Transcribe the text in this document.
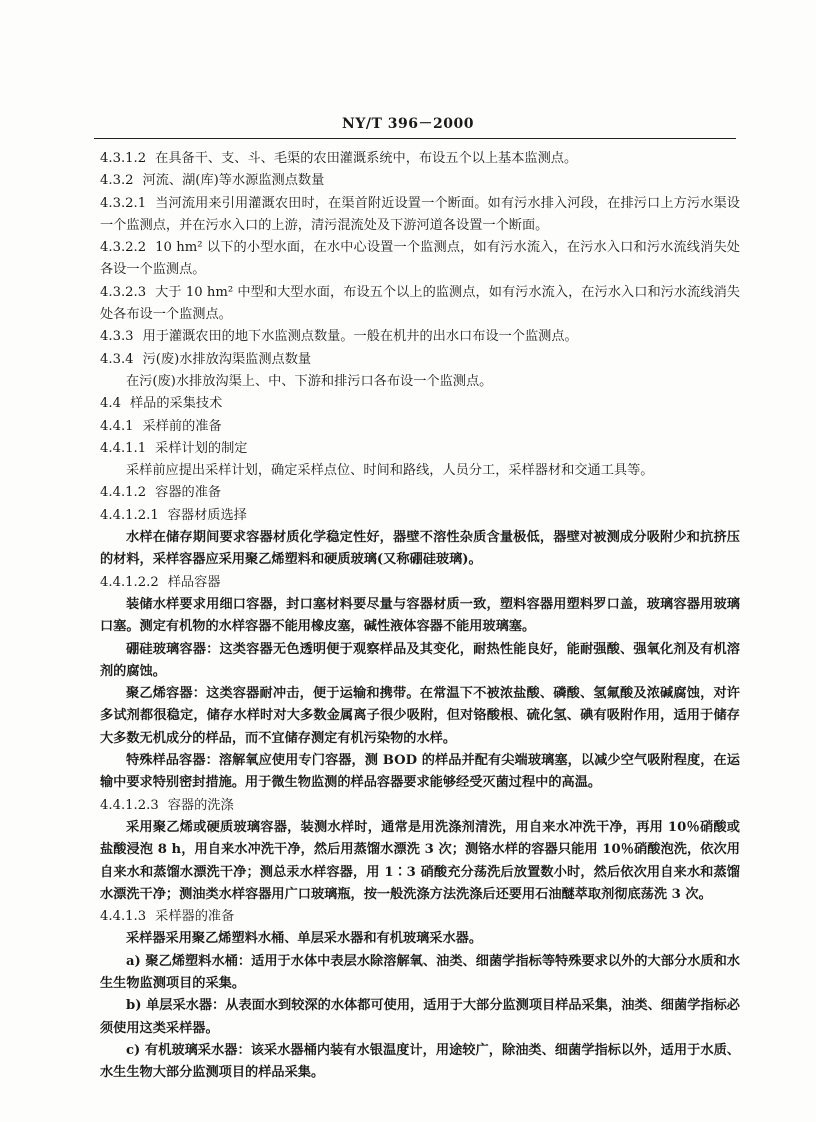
NY/T 396－2000

4.3.1.2 在具备干、支、斗、毛渠的农田灌溉系统中，布设五个以上基本监测点。

4.3.2 河流、湖(库)等水源监测点数量

4.3.2.1 当河流用来引用灌溉农田时，在渠首附近设置一个断面。如有污水排入河段，在排污口上方污水渠设一个监测点，并在污水入口的上游，清污混流处及下游河道各设置一个断面。

4.3.2.2 10 hm² 以下的小型水面，在水中心设置一个监测点，如有污水流入，在污水入口和污水流线消失处各设一个监测点。

4.3.2.3 大于 10 hm² 中型和大型水面，布设五个以上的监测点，如有污水流入，在污水入口和污水流线消失处各布设一个监测点。

4.3.3 用于灌溉农田的地下水监测点数量。一般在机井的出水口布设一个监测点。

4.3.4 污(废)水排放沟渠监测点数量

在污(废)水排放沟渠上、中、下游和排污口各布设一个监测点。

4.4 样品的采集技术

4.4.1 采样前的准备

4.4.1.1 采样计划的制定

采样前应提出采样计划，确定采样点位、时间和路线，人员分工，采样器材和交通工具等。

4.4.1.2 容器的准备

4.4.1.2.1 容器材质选择

水样在储存期间要求容器材质化学稳定性好，器壁不溶性杂质含量极低，器壁对被测成分吸附少和抗挤压的材料，采样容器应采用聚乙烯塑料和硬质玻璃(又称硼硅玻璃)。

4.4.1.2.2 样品容器

装储水样要求用细口容器，封口塞材料要尽量与容器材质一致，塑料容器用塑料罗口盖，玻璃容器用玻璃口塞。测定有机物的水样容器不能用橡皮塞，碱性液体容器不能用玻璃塞。

硼硅玻璃容器：这类容器无色透明便于观察样品及其变化，耐热性能良好，能耐强酸、强氧化剂及有机溶剂的腐蚀。

聚乙烯容器：这类容器耐冲击，便于运输和携带。在常温下不被浓盐酸、磷酸、氢氟酸及浓碱腐蚀，对许多试剂都很稳定，储存水样时对大多数金属离子很少吸附，但对铬酸根、硫化氢、碘有吸附作用，适用于储存大多数无机成分的样品，而不宜储存测定有机污染物的水样。

特殊样品容器：溶解氧应使用专门容器，测 BOD 的样品并配有尖端玻璃塞，以减少空气吸附程度，在运输中要求特别密封措施。用于微生物监测的样品容器要求能够经受灭菌过程中的高温。

4.4.1.2.3 容器的洗涤

采用聚乙烯或硬质玻璃容器，装测水样时，通常是用洗涤剂清洗，用自来水冲洗干净，再用 10％硝酸或盐酸浸泡 8 h，用自来水冲洗干净，然后用蒸馏水漂洗 3 次；测铬水样的容器只能用 10％硝酸泡洗，依次用自来水和蒸馏水漂洗干净；测总汞水样容器，用 1∶3 硝酸充分荡洗后放置数小时，然后依次用自来水和蒸馏水漂洗干净；测油类水样容器用广口玻璃瓶，按一般洗涤方法洗涤后还要用石油醚萃取剂彻底荡洗 3 次。

4.4.1.3 采样器的准备

采样器采用聚乙烯塑料水桶、单层采水器和有机玻璃采水器。

a) 聚乙烯塑料水桶：适用于水体中表层水除溶解氧、油类、细菌学指标等特殊要求以外的大部分水质和水生生物监测项目的采集。

b) 单层采水器：从表面水到较深的水体都可使用，适用于大部分监测项目样品采集，油类、细菌学指标必须使用这类采样器。

c) 有机玻璃采水器：该采水器桶内装有水银温度计，用途较广，除油类、细菌学指标以外，适用于水质、水生生物大部分监测项目的样品采集。
